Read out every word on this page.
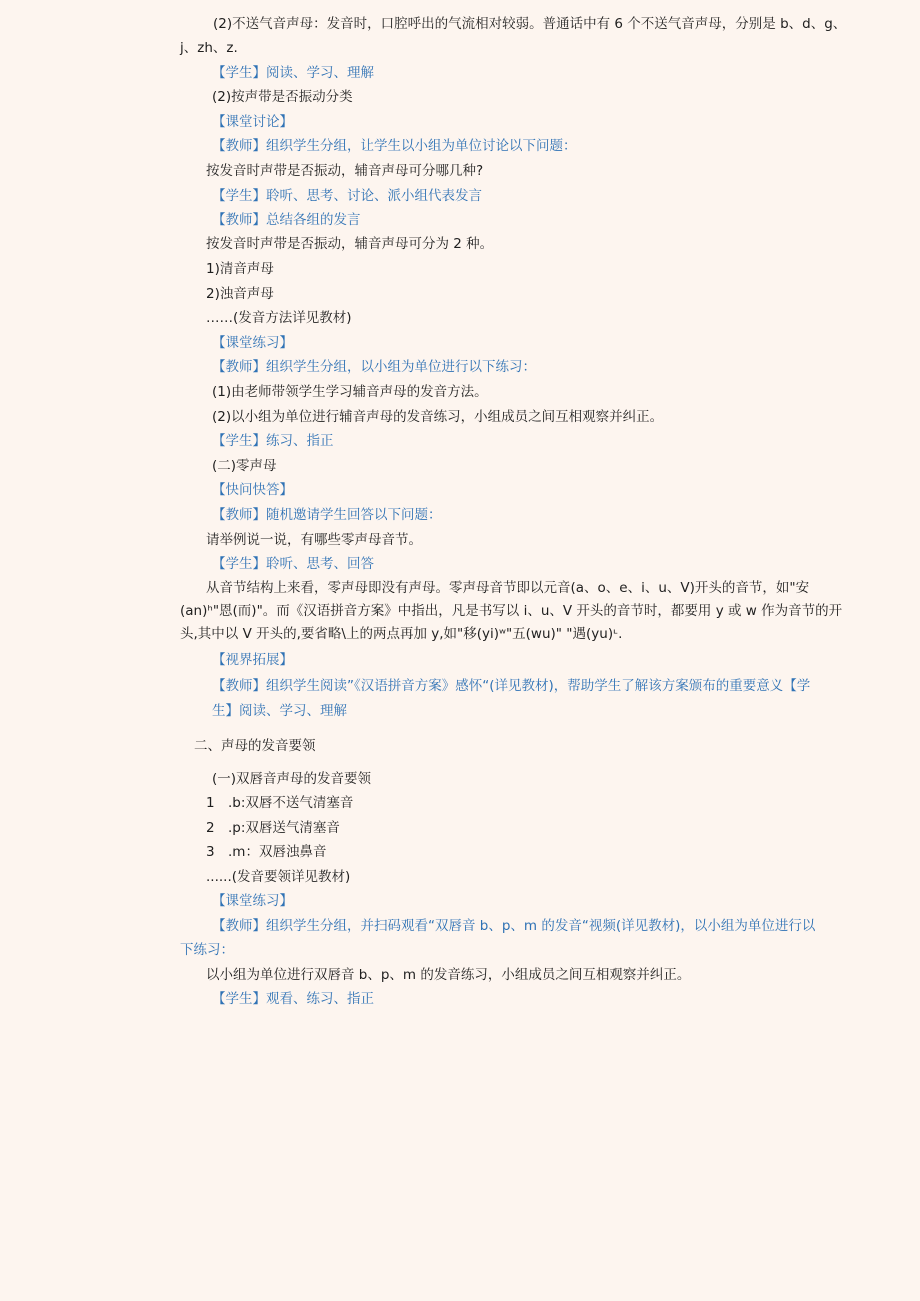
(2)不送气音声母：发音时，口腔呼出的气流相对较弱。普通话中有 6 个不送气音声母，分别是 b、d、g、
j、zh、z.
【学生】阅读、学习、理解
(2)按声带是否振动分类
【课堂讨论】
【教师】组织学生分组，让学生以小组为单位讨论以下问题：
按发音时声带是否振动，辅音声母可分哪几种?
【学生】聆听、思考、讨论、派小组代表发言
【教师】总结各组的发言
按发音时声带是否振动，辅音声母可分为 2 种。
1)清音声母
2)浊音声母
……(发音方法详见教材)
【课堂练习】
【教师】组织学生分组，以小组为单位进行以下练习：
(1)由老师带领学生学习辅音声母的发音方法。
(2)以小组为单位进行辅音声母的发音练习，小组成员之间互相观察并纠正。
【学生】练习、指正
(二)零声母
【快问快答】
【教师】随机邀请学生回答以下问题：
请举例说一说，有哪些零声母音节。
【学生】聆听、思考、回答
从音节结构上来看，零声母即没有声母。零声母音节即以元音(a、o、e、i、u、V)开头的音节，如"安
(an)ʰ"恩(而)"。而《汉语拼音方案》中指出，凡是书写以 i、u、V 开头的音节时，都要用 y 或 w 作为音节的开
头,其中以 V 开头的,要省略\上的两点再加 y,如"移(yi)ʷ"五(wu)" "遇(yu)ᶫ.
【视界拓展】
【教师】组织学生阅读”《汉语拼音方案》感怀“(详见教材)，帮助学生了解该方案颁布的重要意义【学
生】阅读、学习、理解
二、声母的发音要领
(一)双唇音声母的发音要领
1 .b:双唇不送气清塞音
2 .p:双唇送气清塞音
3 .m：双唇浊鼻音
......(发音要领详见教材)
【课堂练习】
【教师】组织学生分组，并扫码观看“双唇音 b、p、m 的发音“视频(详见教材)，以小组为单位进行以
下练习：
以小组为单位进行双唇音 b、p、m 的发音练习，小组成员之间互相观察并纠正。
【学生】观看、练习、指正
